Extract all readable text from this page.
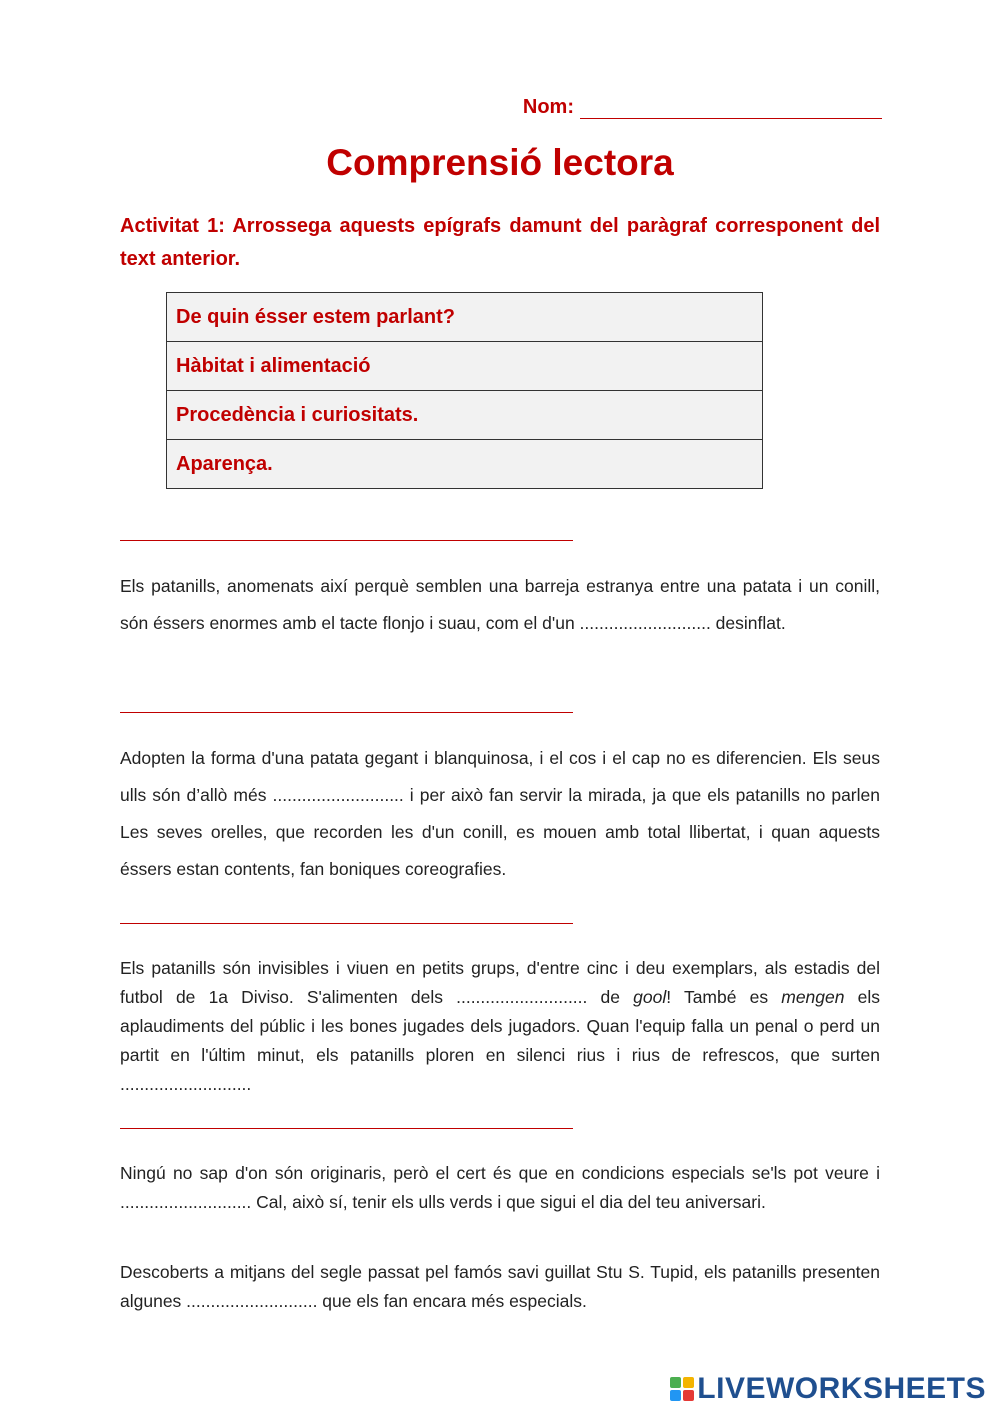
Nom:
Comprensió lectora

Activitat 1: Arrossega aquests epígrafs damunt del paràgraf corresponent del text anterior.

De quin ésser estem parlant?
Hàbitat i alimentació
Procedència i curiositats.
Aparença.

Els patanills, anomenats així perquè semblen una barreja estranya entre una patata i un conill, són éssers enormes amb el tacte flonjo i suau, com el d'un ........................... desinflat.

Adopten la forma d'una patata gegant i blanquinosa, i el cos i el cap no es diferencien. Els seus ulls són d’allò més ........................... i per això fan servir la mirada, ja que els patanills no parlen Les seves orelles, que recorden les d'un conill, es mouen amb total llibertat, i quan aquests éssers estan contents, fan boniques coreografies.

Els patanills són invisibles i viuen en petits grups, d'entre cinc i deu exemplars, als estadis del futbol de 1a Diviso. S'alimenten dels ........................... de gool! També es mengen els aplaudiments del públic i les bones jugades dels jugadors. Quan l'equip falla un penal o perd un partit en l'últim minut, els patanills ploren en silenci rius i rius de refrescos, que surten ...........................

Ningú no sap d'on són originaris, però el cert és que en condicions especials se'ls pot veure i ........................... Cal, això sí, tenir els ulls verds i que sigui el dia del teu aniversari.

Descoberts a mitjans del segle passat pel famós savi guillat Stu S. Tupid, els patanills presenten algunes ........................... que els fan encara més especials.

LIVEWORKSHEETS
